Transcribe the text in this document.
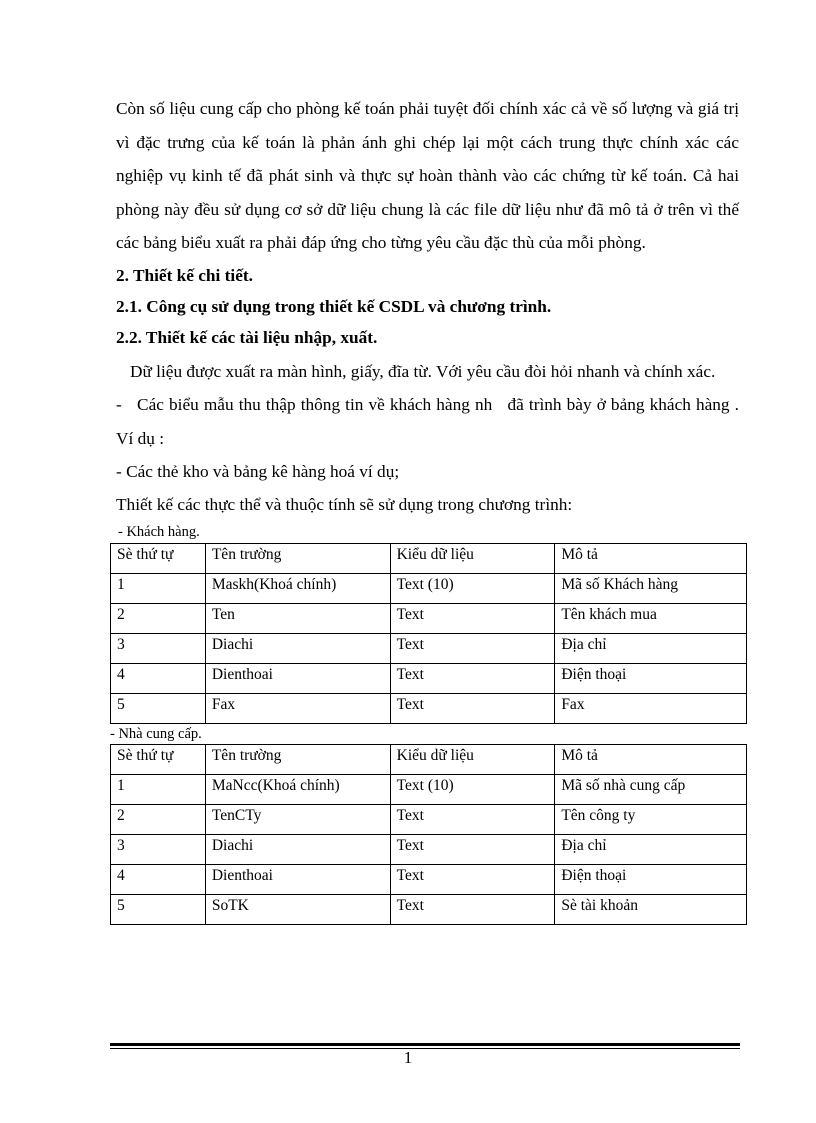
Còn số liệu cung cấp cho phòng kế toán phải tuyệt đối chính xác cả về số lượng và giá trị vì đặc trưng của kế toán là phản ánh ghi chép lại một cách trung thực chính xác các nghiệp vụ kinh tế đã phát sinh và thực sự hoàn thành vào các chứng từ kế toán. Cả hai phòng này đều sử dụng cơ sở dữ liệu chung là các file dữ liệu như đã mô tả ở trên vì thế các bảng biểu xuất ra phải đáp ứng cho từng yêu cầu đặc thù của mỗi phòng.

2. Thiết kế chi tiết.

2.1. Công cụ sử dụng trong thiết kế CSDL và chương trình.

2.2. Thiết kế các tài liệu nhập, xuất.

Dữ liệu được xuất ra màn hình, giấy, đĩa từ. Với yêu cầu đòi hỏi nhanh và chính xác.

-   Các biểu mẫu thu thập thông tin về khách hàng nh   đã trình bày ở bảng khách hàng . Ví dụ :

- Các thẻ kho và bảng kê hàng hoá ví dụ;

Thiết kế các thực thể và thuộc tính sẽ sử dụng trong chương trình:

- Khách hàng.

Sè thứ tự	Tên trường	Kiểu dữ liệu	Mô tả
1	Maskh(Khoá chính)	Text (10)	Mã số Khách hàng
2	Ten	Text	Tên khách mua
3	Diachi	Text	Địa chỉ
4	Dienthoai	Text	Điện thoại
5	Fax	Text	Fax

- Nhà cung cấp.

Sè thứ tự	Tên trường	Kiểu dữ liệu	Mô tả
1	MaNcc(Khoá chính)	Text (10)	Mã số nhà cung cấp
2	TenCTy	Text	Tên công ty
3	Diachi	Text	Địa chỉ
4	Dienthoai	Text	Điện thoại
5	SoTK	Text	Sè tài khoản
1
